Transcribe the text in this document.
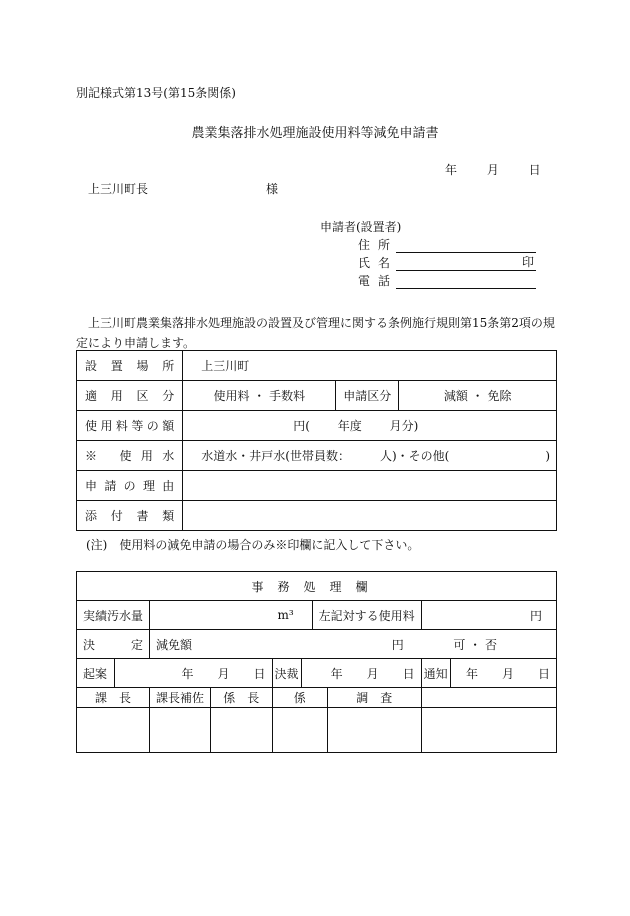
別記様式第13号(第15条関係)
農業集落排水処理施設使用料等減免申請書
年 月 日
上三川町長	様
申請者(設置者)
住所
氏名	印
電話
上三川町農業集落排水処理施設の設置及び管理に関する条例施行規則第15条第2項の規定により申請します。
設置場所	上三川町		
適用区分	使用料 ・ 手数料	申請区分	減額 ・ 免除
使用料等の額	円(　　 年度　　 月分)		
※ 使用水	水道水・井戸水(世帯員数：　　　人)・その他(　　　　　　　　)		
申請の理由			
添付書類			
(注)　使用料の減免申請の場合のみ※印欄に記入して下さい。
事務処理欄									
実績汚水量		m³				左記対する使用料		円	
決定		減免額 円 可 ・ 否							
起案	年　　月　　日			決裁	年　　月　　日			通知	年　　月　　日
課　長		課長補佐	係　長	係			調　査		
